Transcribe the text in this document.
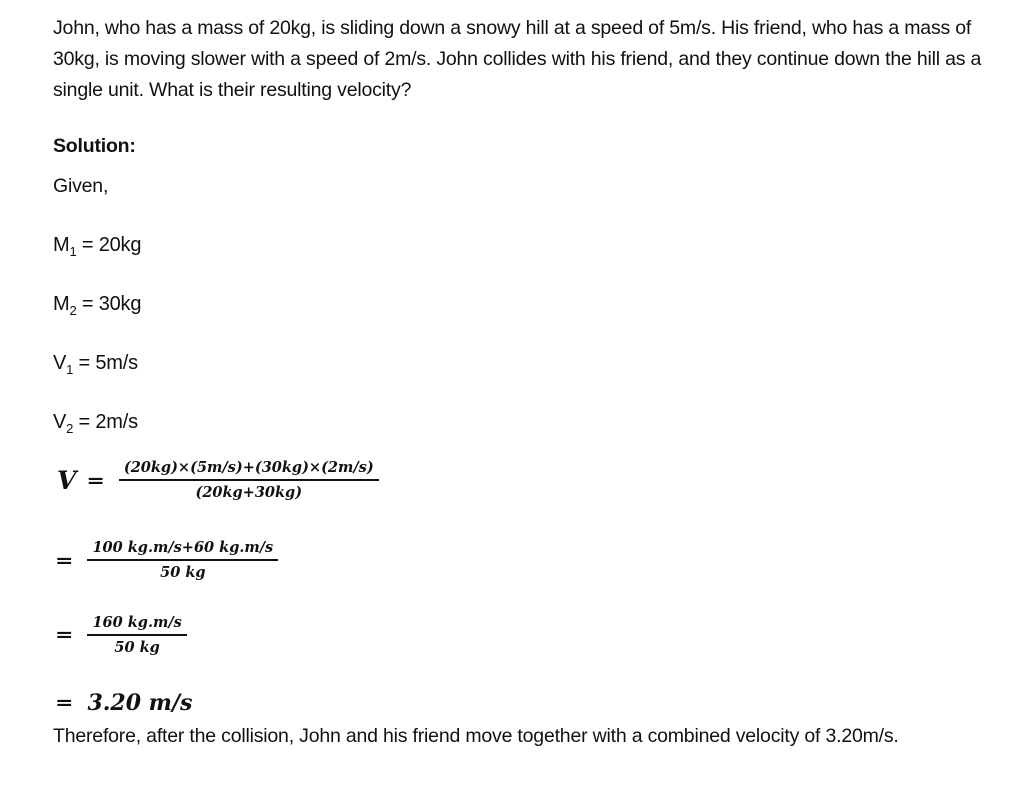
John, who has a mass of 20kg, is sliding down a snowy hill at a speed of 5m/s. His friend, who has a mass of 30kg, is moving slower with a speed of 2m/s. John collides with his friend, and they continue down the hill as a single unit. What is their resulting velocity?

Solution:
Given,
$M_1 = 20kg$
$M_2 = 30kg$
$V_1 = 5m/s$
$V_2 = 2m/s$
$V = \frac{(20kg)\times(5m/s)+(30kg)\times(2m/s)}{(20kg+30kg)}$
= $\frac{100 kg.m/s+60 kg.m/s}{50 kg}$
= $\frac{160 kg.m/s}{50 kg}$
= 3.20 m/s

Therefore, after the collision, John and his friend move together with a combined velocity of 3.20m/s.
